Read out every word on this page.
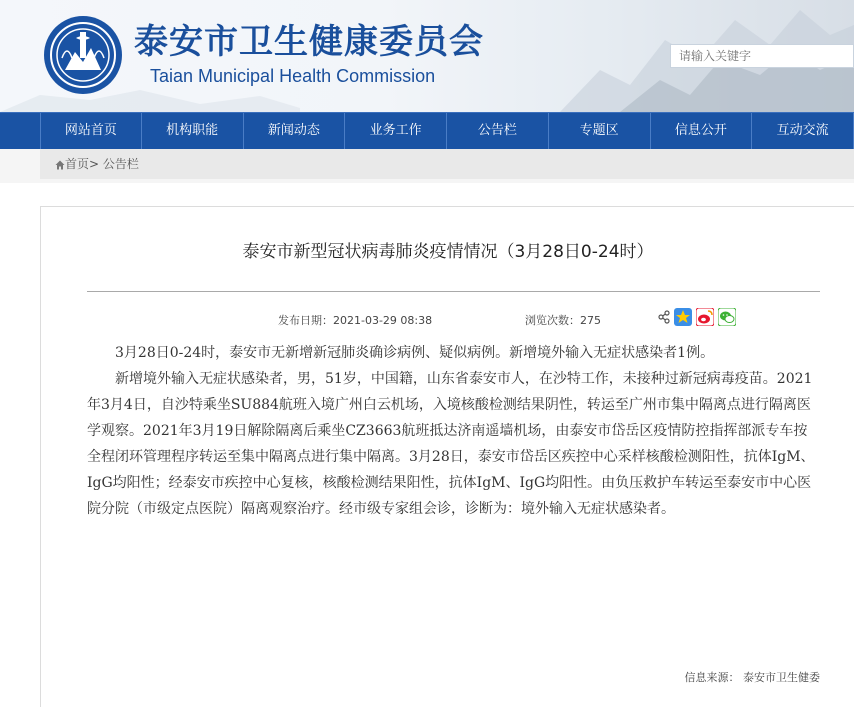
泰安市卫生健康委员会
Taian Municipal Health Commission
请输入关键字
网站首页	机构职能	新闻动态	业务工作	公告栏	专题区	信息公开	互动交流
首页> 公告栏
泰安市新型冠状病毒肺炎疫情情况（3月28日0-24时）
发布日期：2021-03-29 08:38	浏览次数：275

3月28日0-24时，泰安市无新增新冠肺炎确诊病例、疑似病例。新增境外输入无症状感染者1例。

新增境外输入无症状感染者，男，51岁，中国籍，山东省泰安市人，在沙特工作，未接种过新冠病毒疫苗。2021年3月4日，自沙特乘坐SU884航班入境广州白云机场，入境核酸检测结果阴性，转运至广州市集中隔离点进行隔离医学观察。2021年3月19日解除隔离后乘坐CZ3663航班抵达济南遥墙机场，由泰安市岱岳区疫情防控指挥部派专车按全程闭环管理程序转运至集中隔离点进行集中隔离。3月28日，泰安市岱岳区疾控中心采样核酸检测阳性，抗体IgM、IgG均阳性；经泰安市疾控中心复核，核酸检测结果阳性，抗体IgM、IgG均阳性。由负压救护车转运至泰安市中心医院分院（市级定点医院）隔离观察治疗。经市级专家组会诊，诊断为：境外输入无症状感染者。

信息来源： 泰安市卫生健委
